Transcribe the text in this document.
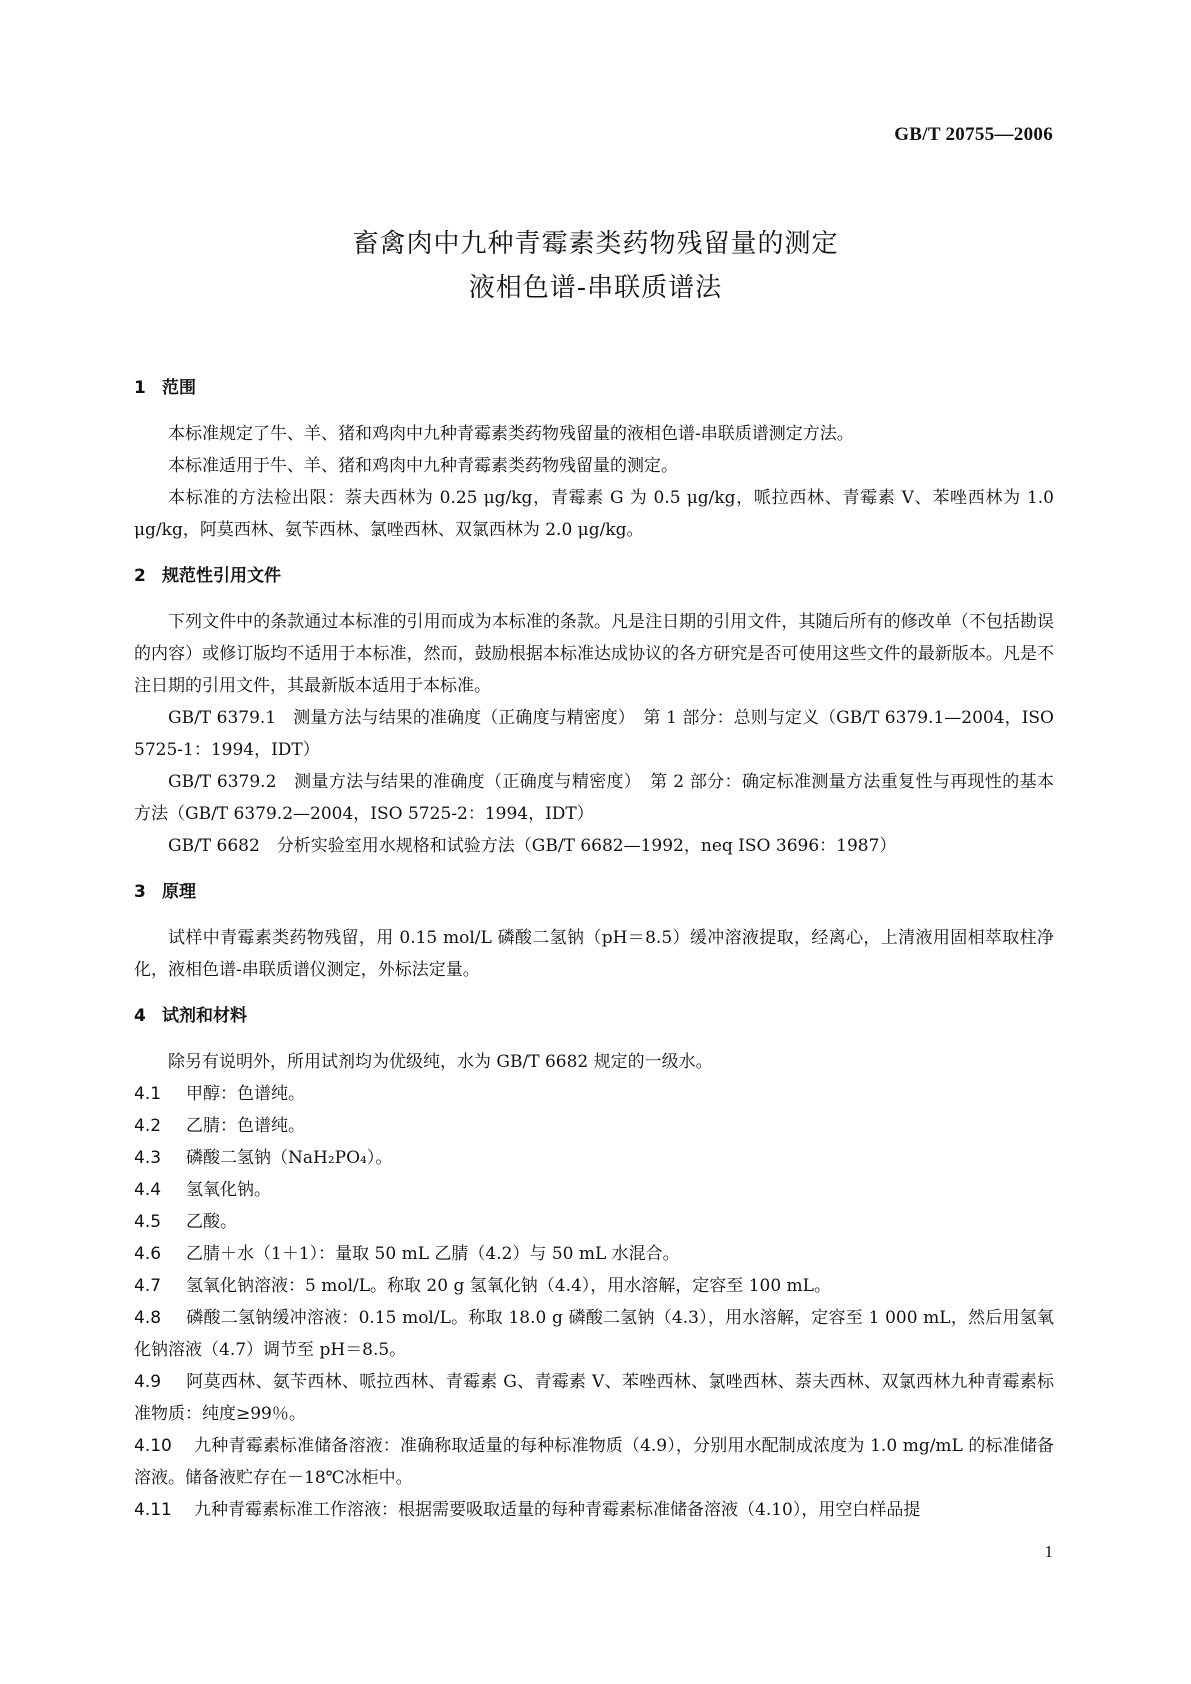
GB/T 20755—2006
畜禽肉中九种青霉素类药物残留量的测定
液相色谱-串联质谱法
1 范围

本标准规定了牛、羊、猪和鸡肉中九种青霉素类药物残留量的液相色谱-串联质谱测定方法。

本标准适用于牛、羊、猪和鸡肉中九种青霉素类药物残留量的测定。

本标准的方法检出限：萘夫西林为 0.25 μg/kg，青霉素 G 为 0.5 μg/kg，哌拉西林、青霉素 V、苯唑西林为 1.0 μg/kg，阿莫西林、氨苄西林、氯唑西林、双氯西林为 2.0 μg/kg。

2 规范性引用文件

下列文件中的条款通过本标准的引用而成为本标准的条款。凡是注日期的引用文件，其随后所有的修改单（不包括勘误的内容）或修订版均不适用于本标准，然而，鼓励根据本标准达成协议的各方研究是否可使用这些文件的最新版本。凡是不注日期的引用文件，其最新版本适用于本标准。

GB/T 6379.1　测量方法与结果的准确度（正确度与精密度）　第 1 部分：总则与定义（GB/T 6379.1—2004，ISO 5725-1：1994，IDT）

GB/T 6379.2　测量方法与结果的准确度（正确度与精密度）　第 2 部分：确定标准测量方法重复性与再现性的基本方法（GB/T 6379.2—2004，ISO 5725-2：1994，IDT）

GB/T 6682　分析实验室用水规格和试验方法（GB/T 6682—1992，neq ISO 3696：1987）

3 原理

试样中青霉素类药物残留，用 0.15 mol/L 磷酸二氢钠（pH＝8.5）缓冲溶液提取，经离心，上清液用固相萃取柱净化，液相色谱-串联质谱仪测定，外标法定量。

4 试剂和材料

除另有说明外，所用试剂均为优级纯，水为 GB/T 6682 规定的一级水。

4.1 甲醇：色谱纯。

4.2 乙腈：色谱纯。

4.3 磷酸二氢钠（NaH₂PO₄）。

4.4 氢氧化钠。

4.5 乙酸。

4.6 乙腈＋水（1＋1）：量取 50 mL 乙腈（4.2）与 50 mL 水混合。

4.7 氢氧化钠溶液：5 mol/L。称取 20 g 氢氧化钠（4.4），用水溶解，定容至 100 mL。

4.8 磷酸二氢钠缓冲溶液：0.15 mol/L。称取 18.0 g 磷酸二氢钠（4.3），用水溶解，定容至 1 000 mL，然后用氢氧化钠溶液（4.7）调节至 pH＝8.5。

4.9 阿莫西林、氨苄西林、哌拉西林、青霉素 G、青霉素 V、苯唑西林、氯唑西林、萘夫西林、双氯西林九种青霉素标准物质：纯度≥99％。

4.10 九种青霉素标准储备溶液：准确称取适量的每种标准物质（4.9），分别用水配制成浓度为 1.0 mg/mL 的标准储备溶液。储备液贮存在－18℃冰柜中。

4.11 九种青霉素标准工作溶液：根据需要吸取适量的每种青霉素标准储备溶液（4.10），用空白样品提

1
